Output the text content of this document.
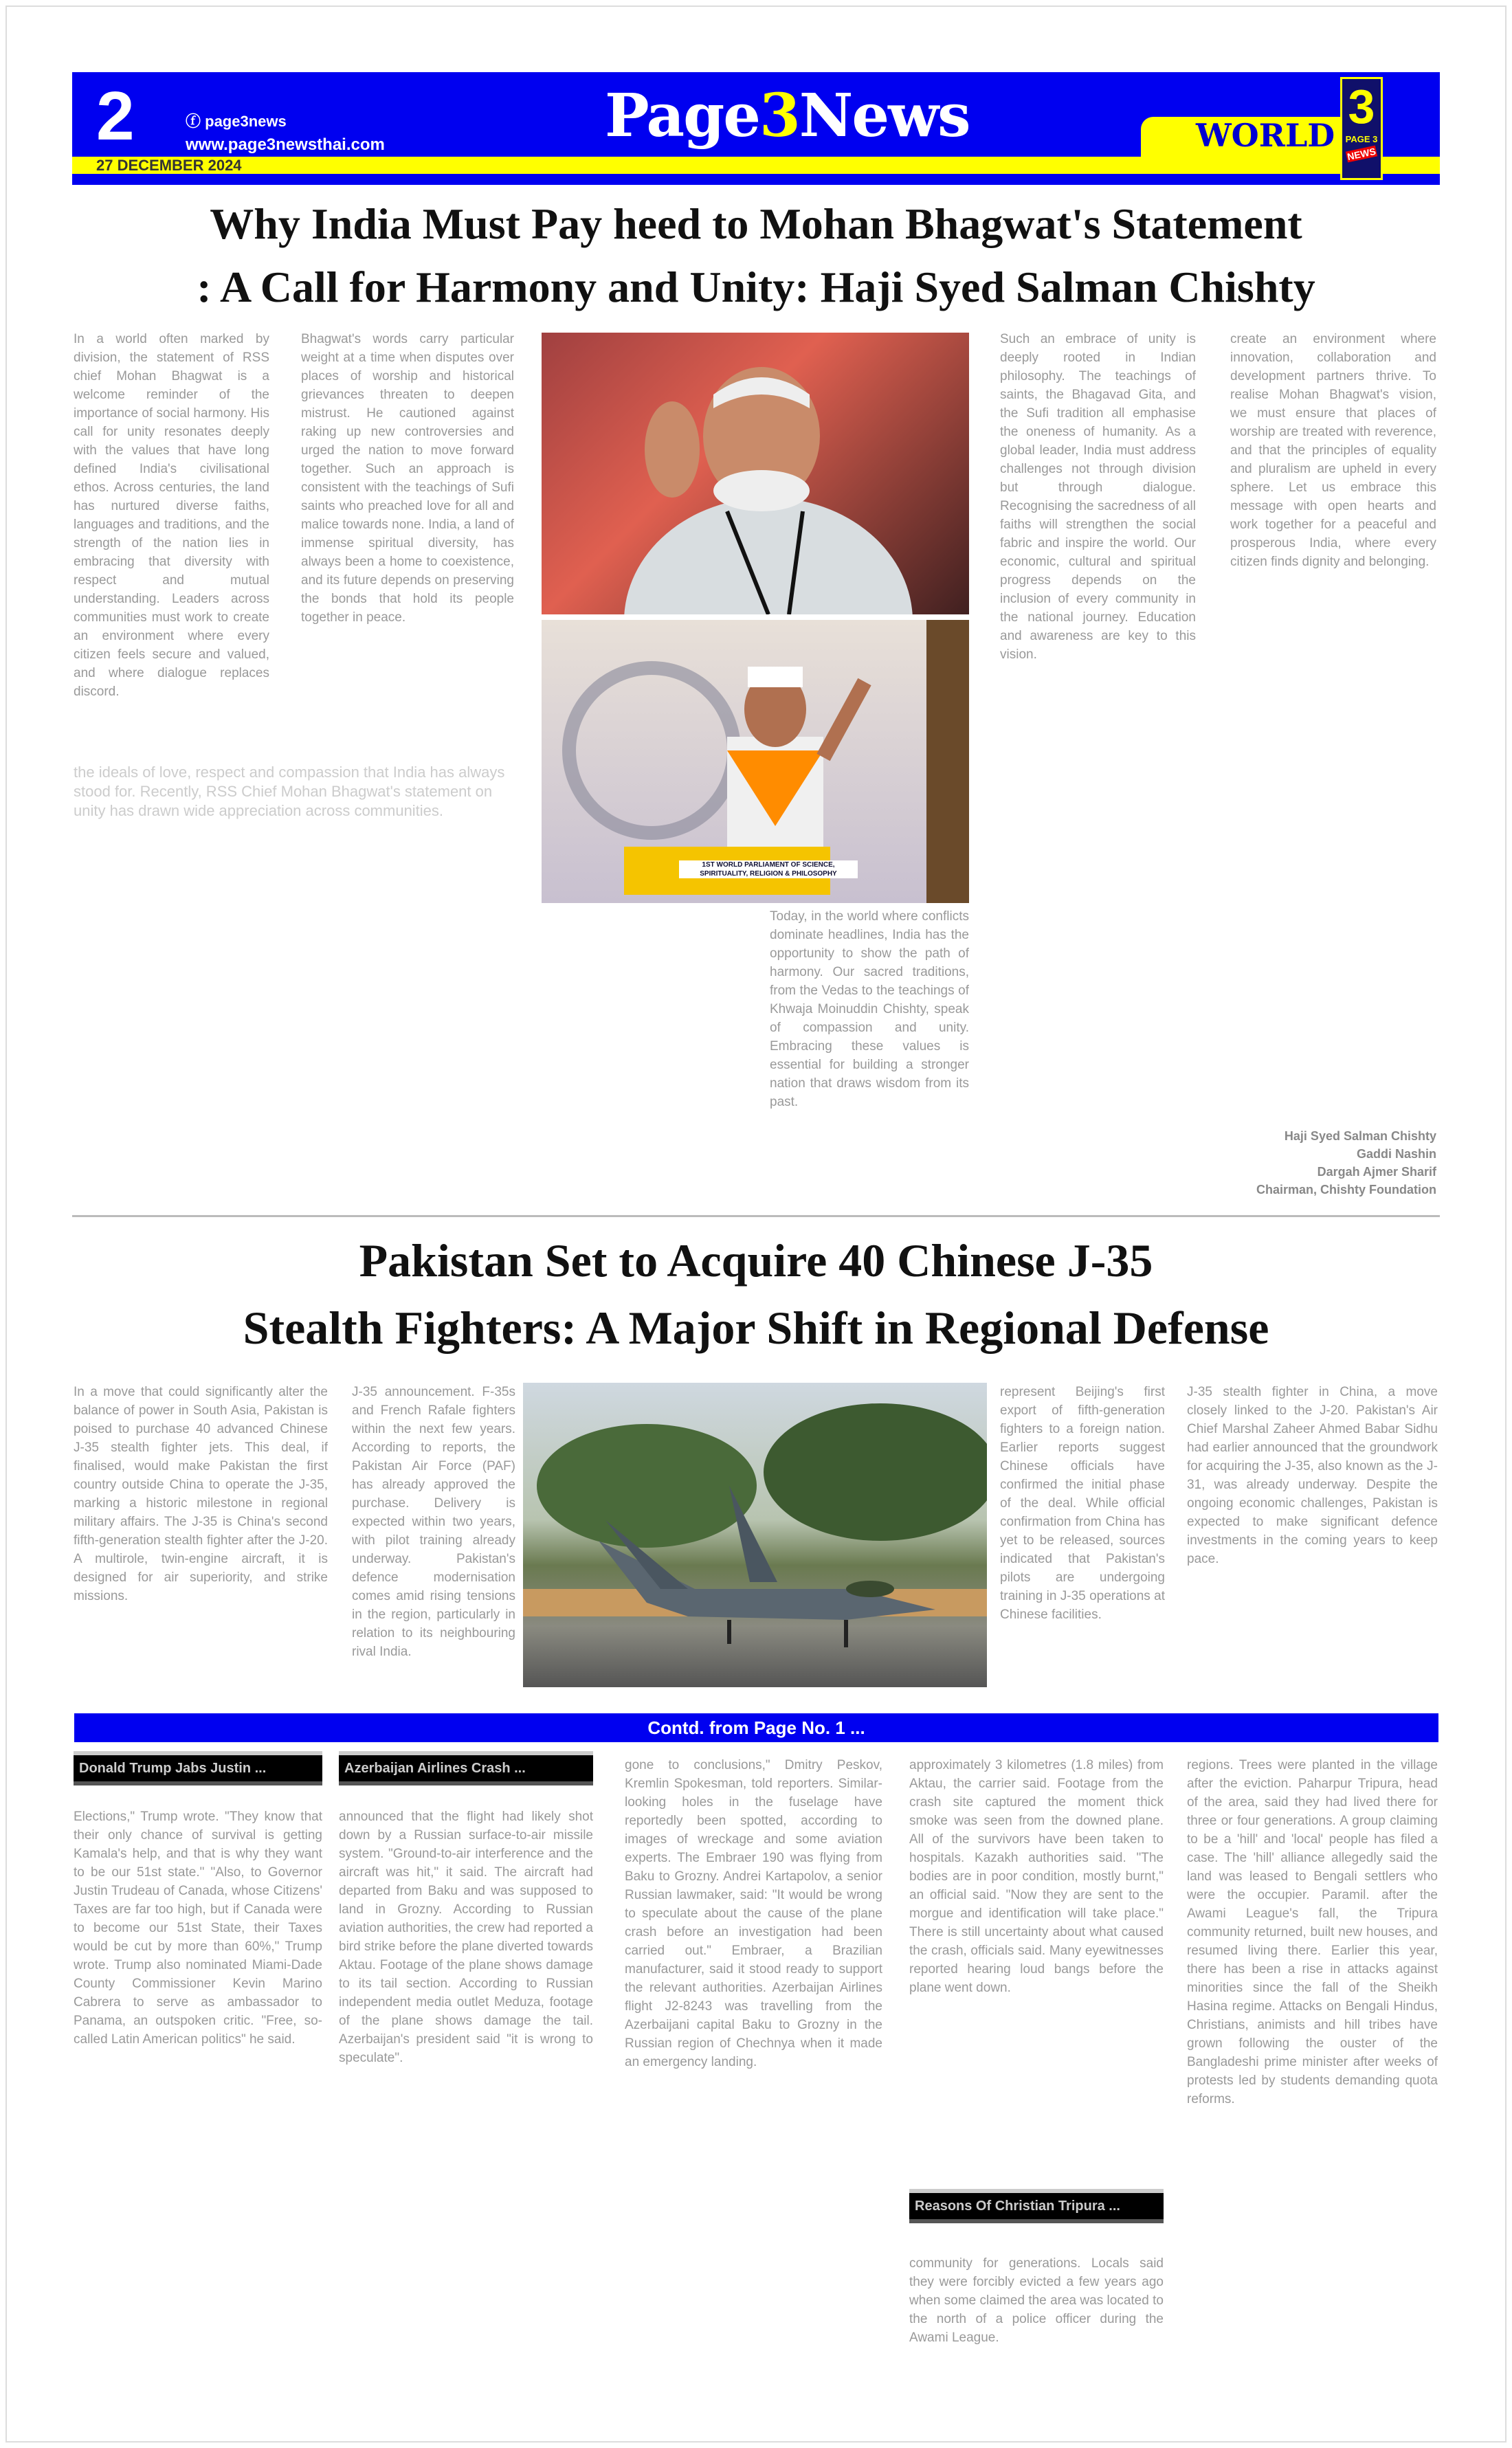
2	ⓕ page3news
www.page3newsthai.com	Page3News	WORLD
27 DECEMBER 2024
3
PAGE 3
NEWS
Why India Must Pay heed to Mohan Bhagwat's Statement
: A Call for Harmony and Unity: Haji Syed Salman Chishty
In a world often marked by division, the statement of RSS chief Mohan Bhagwat is a welcome reminder of the importance of social harmony. His call for unity resonates deeply with the values that have long defined India's civilisational ethos. Across centuries, the land has nurtured diverse faiths, languages and traditions, and the strength of the nation lies in embracing that diversity with respect and mutual understanding. Leaders across communities must work to create an environment where every citizen feels secure and valued, and where dialogue replaces discord.
Bhagwat's words carry particular weight at a time when disputes over places of worship and historical grievances threaten to deepen mistrust. He cautioned against raking up new controversies and urged the nation to move forward together. Such an approach is consistent with the teachings of Sufi saints who preached love for all and malice towards none. India, a land of immense spiritual diversity, has always been a home to coexistence, and its future depends on preserving the bonds that hold its people together in peace.
the ideals of love, respect and compassion that India has always stood for. Recently, RSS Chief Mohan Bhagwat's statement on unity has drawn wide appreciation across communities.
1ST WORLD PARLIAMENT OF SCIENCE, SPIRITUALITY, RELIGION & PHILOSOPHY
Today, in the world where conflicts dominate headlines, India has the opportunity to show the path of harmony. Our sacred traditions, from the Vedas to the teachings of Khwaja Moinuddin Chishty, speak of compassion and unity. Embracing these values is essential for building a stronger nation that draws wisdom from its past.
Such an embrace of unity is deeply rooted in Indian philosophy. The teachings of saints, the Bhagavad Gita, and the Sufi tradition all emphasise the oneness of humanity. As a global leader, India must address challenges not through division but through dialogue. Recognising the sacredness of all faiths will strengthen the social fabric and inspire the world. Our economic, cultural and spiritual progress depends on the inclusion of every community in the national journey. Education and awareness are key to this vision.
create an environment where innovation, collaboration and development partners thrive. To realise Mohan Bhagwat's vision, we must ensure that places of worship are treated with reverence, and that the principles of equality and pluralism are upheld in every sphere. Let us embrace this message with open hearts and work together for a peaceful and prosperous India, where every citizen finds dignity and belonging.
Haji Syed Salman Chishty
Gaddi Nashin
Dargah Ajmer Sharif
Chairman, Chishty Foundation
Pakistan Set to Acquire 40 Chinese J-35
Stealth Fighters: A Major Shift in Regional Defense
In a move that could significantly alter the balance of power in South Asia, Pakistan is poised to purchase 40 advanced Chinese J-35 stealth fighter jets. This deal, if finalised, would make Pakistan the first country outside China to operate the J-35, marking a historic milestone in regional military affairs. The J-35 is China's second fifth-generation stealth fighter after the J-20. A multirole, twin-engine aircraft, it is designed for air superiority, and strike missions.
J-35 announcement. F-35s and French Rafale fighters within the next few years. According to reports, the Pakistan Air Force (PAF) has already approved the purchase. Delivery is expected within two years, with pilot training already underway. Pakistan's defence modernisation comes amid rising tensions in the region, particularly in relation to its neighbouring rival India.
represent Beijing's first export of fifth-generation fighters to a foreign nation. Earlier reports suggest Chinese officials have confirmed the initial phase of the deal. While official confirmation from China has yet to be released, sources indicated that Pakistan's pilots are undergoing training in J-35 operations at Chinese facilities.
J-35 stealth fighter in China, a move closely linked to the J-20. Pakistan's Air Chief Marshal Zaheer Ahmed Babar Sidhu had earlier announced that the groundwork for acquiring the J-35, also known as the J-31, was already underway. Despite the ongoing economic challenges, Pakistan is expected to make significant defence investments in the coming years to keep pace.
Contd. from Page No. 1 ...
Donald Trump Jabs Justin ...
Elections," Trump wrote. "They know that their only chance of survival is getting Kamala's help, and that is why they want to be our 51st state." "Also, to Governor Justin Trudeau of Canada, whose Citizens' Taxes are far too high, but if Canada were to become our 51st State, their Taxes would be cut by more than 60%," Trump wrote. Trump also nominated Miami-Dade County Commissioner Kevin Marino Cabrera to serve as ambassador to Panama, an outspoken critic. "Free, so-called Latin American politics" he said.
Azerbaijan Airlines Crash ...
announced that the flight had likely shot down by a Russian surface-to-air missile system. "Ground-to-air interference and the aircraft was hit," it said. The aircraft had departed from Baku and was supposed to land in Grozny. According to Russian aviation authorities, the crew had reported a bird strike before the plane diverted towards Aktau. Footage of the plane shows damage to its tail section. According to Russian independent media outlet Meduza, footage of the plane shows damage the tail. Azerbaijan's president said "it is wrong to speculate".
gone to conclusions," Dmitry Peskov, Kremlin Spokesman, told reporters. Similar-looking holes in the fuselage have reportedly been spotted, according to images of wreckage and some aviation experts. The Embraer 190 was flying from Baku to Grozny. Andrei Kartapolov, a senior Russian lawmaker, said: "It would be wrong to speculate about the cause of the plane crash before an investigation had been carried out." Embraer, a Brazilian manufacturer, said it stood ready to support the relevant authorities. Azerbaijan Airlines flight J2-8243 was travelling from the Azerbaijani capital Baku to Grozny in the Russian region of Chechnya when it made an emergency landing.
approximately 3 kilometres (1.8 miles) from Aktau, the carrier said. Footage from the crash site captured the moment thick smoke was seen from the downed plane. All of the survivors have been taken to hospitals. Kazakh authorities said. "The bodies are in poor condition, mostly burnt," an official said. "Now they are sent to the morgue and identification will take place." There is still uncertainty about what caused the crash, officials said. Many eyewitnesses reported hearing loud bangs before the plane went down.
Reasons Of Christian Tripura ...
community for generations. Locals said they were forcibly evicted a few years ago when some claimed the area was located to the north of a police officer during the Awami League.
regions. Trees were planted in the village after the eviction. Paharpur Tripura, head of the area, said they had lived there for three or four generations. A group claiming to be a 'hill' and 'local' people has filed a case. The 'hill' alliance allegedly said the land was leased to Bengali settlers who were the occupier. Paramil. after the Awami League's fall, the Tripura community returned, built new houses, and resumed living there. Earlier this year, there has been a rise in attacks against minorities since the fall of the Sheikh Hasina regime. Attacks on Bengali Hindus, Christians, animists and hill tribes have grown following the ouster of the Bangladeshi prime minister after weeks of protests led by students demanding quota reforms.
